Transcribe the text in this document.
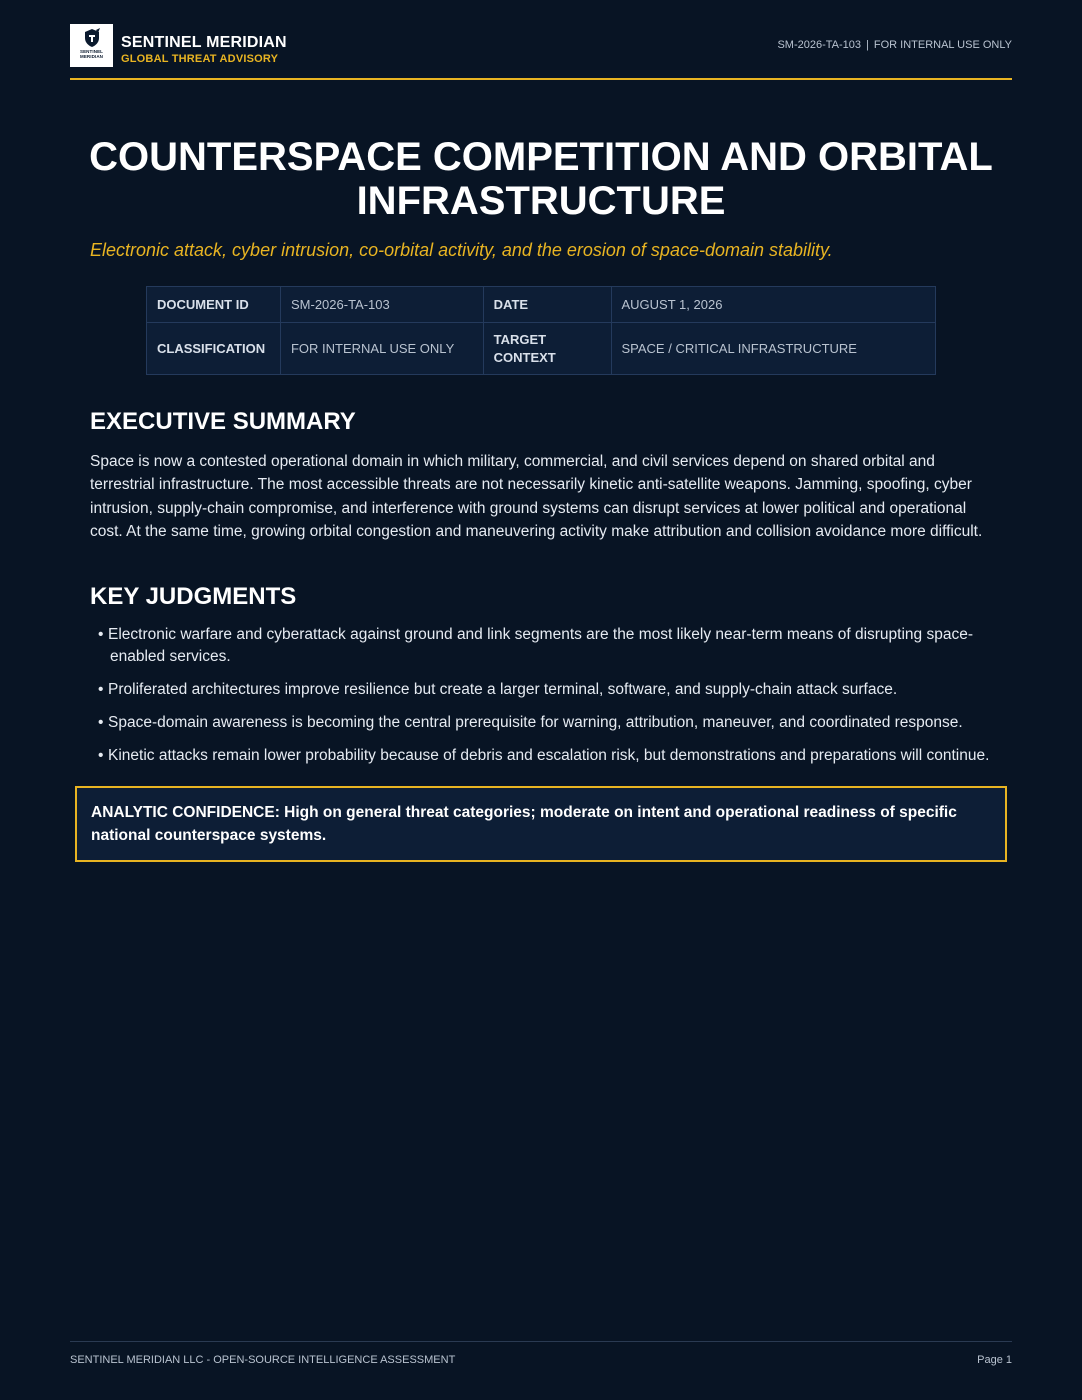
SENTINEL
MERIDIAN
SENTINEL MERIDIAN
GLOBAL THREAT ADVISORY
SM-2026-TA-103 | FOR INTERNAL USE ONLY
COUNTERSPACE COMPETITION AND ORBITAL INFRASTRUCTURE

Electronic attack, cyber intrusion, co-orbital activity, and the erosion of space-domain stability.

DOCUMENT ID	SM-2026-TA-103	DATE	AUGUST 1, 2026
CLASSIFICATION	FOR INTERNAL USE ONLY	TARGET CONTEXT	SPACE / CRITICAL INFRASTRUCTURE
EXECUTIVE SUMMARY

Space is now a contested operational domain in which military, commercial, and civil services depend on shared orbital and terrestrial infrastructure. The most accessible threats are not necessarily kinetic anti-satellite weapons. Jamming, spoofing, cyber intrusion, supply-chain compromise, and interference with ground systems can disrupt services at lower political and operational cost. At the same time, growing orbital congestion and maneuvering activity make attribution and collision avoidance more difficult.

KEY JUDGMENTS
• Electronic warfare and cyberattack against ground and link segments are the most likely near-term means of disrupting space-enabled services.
• Proliferated architectures improve resilience but create a larger terminal, software, and supply-chain attack surface.
• Space-domain awareness is becoming the central prerequisite for warning, attribution, maneuver, and coordinated response.
• Kinetic attacks remain lower probability because of debris and escalation risk, but demonstrations and preparations will continue.
ANALYTIC CONFIDENCE: High on general threat categories; moderate on intent and operational readiness of specific national counterspace systems.
SENTINEL MERIDIAN LLC - OPEN-SOURCE INTELLIGENCE ASSESSMENT	Page 1
